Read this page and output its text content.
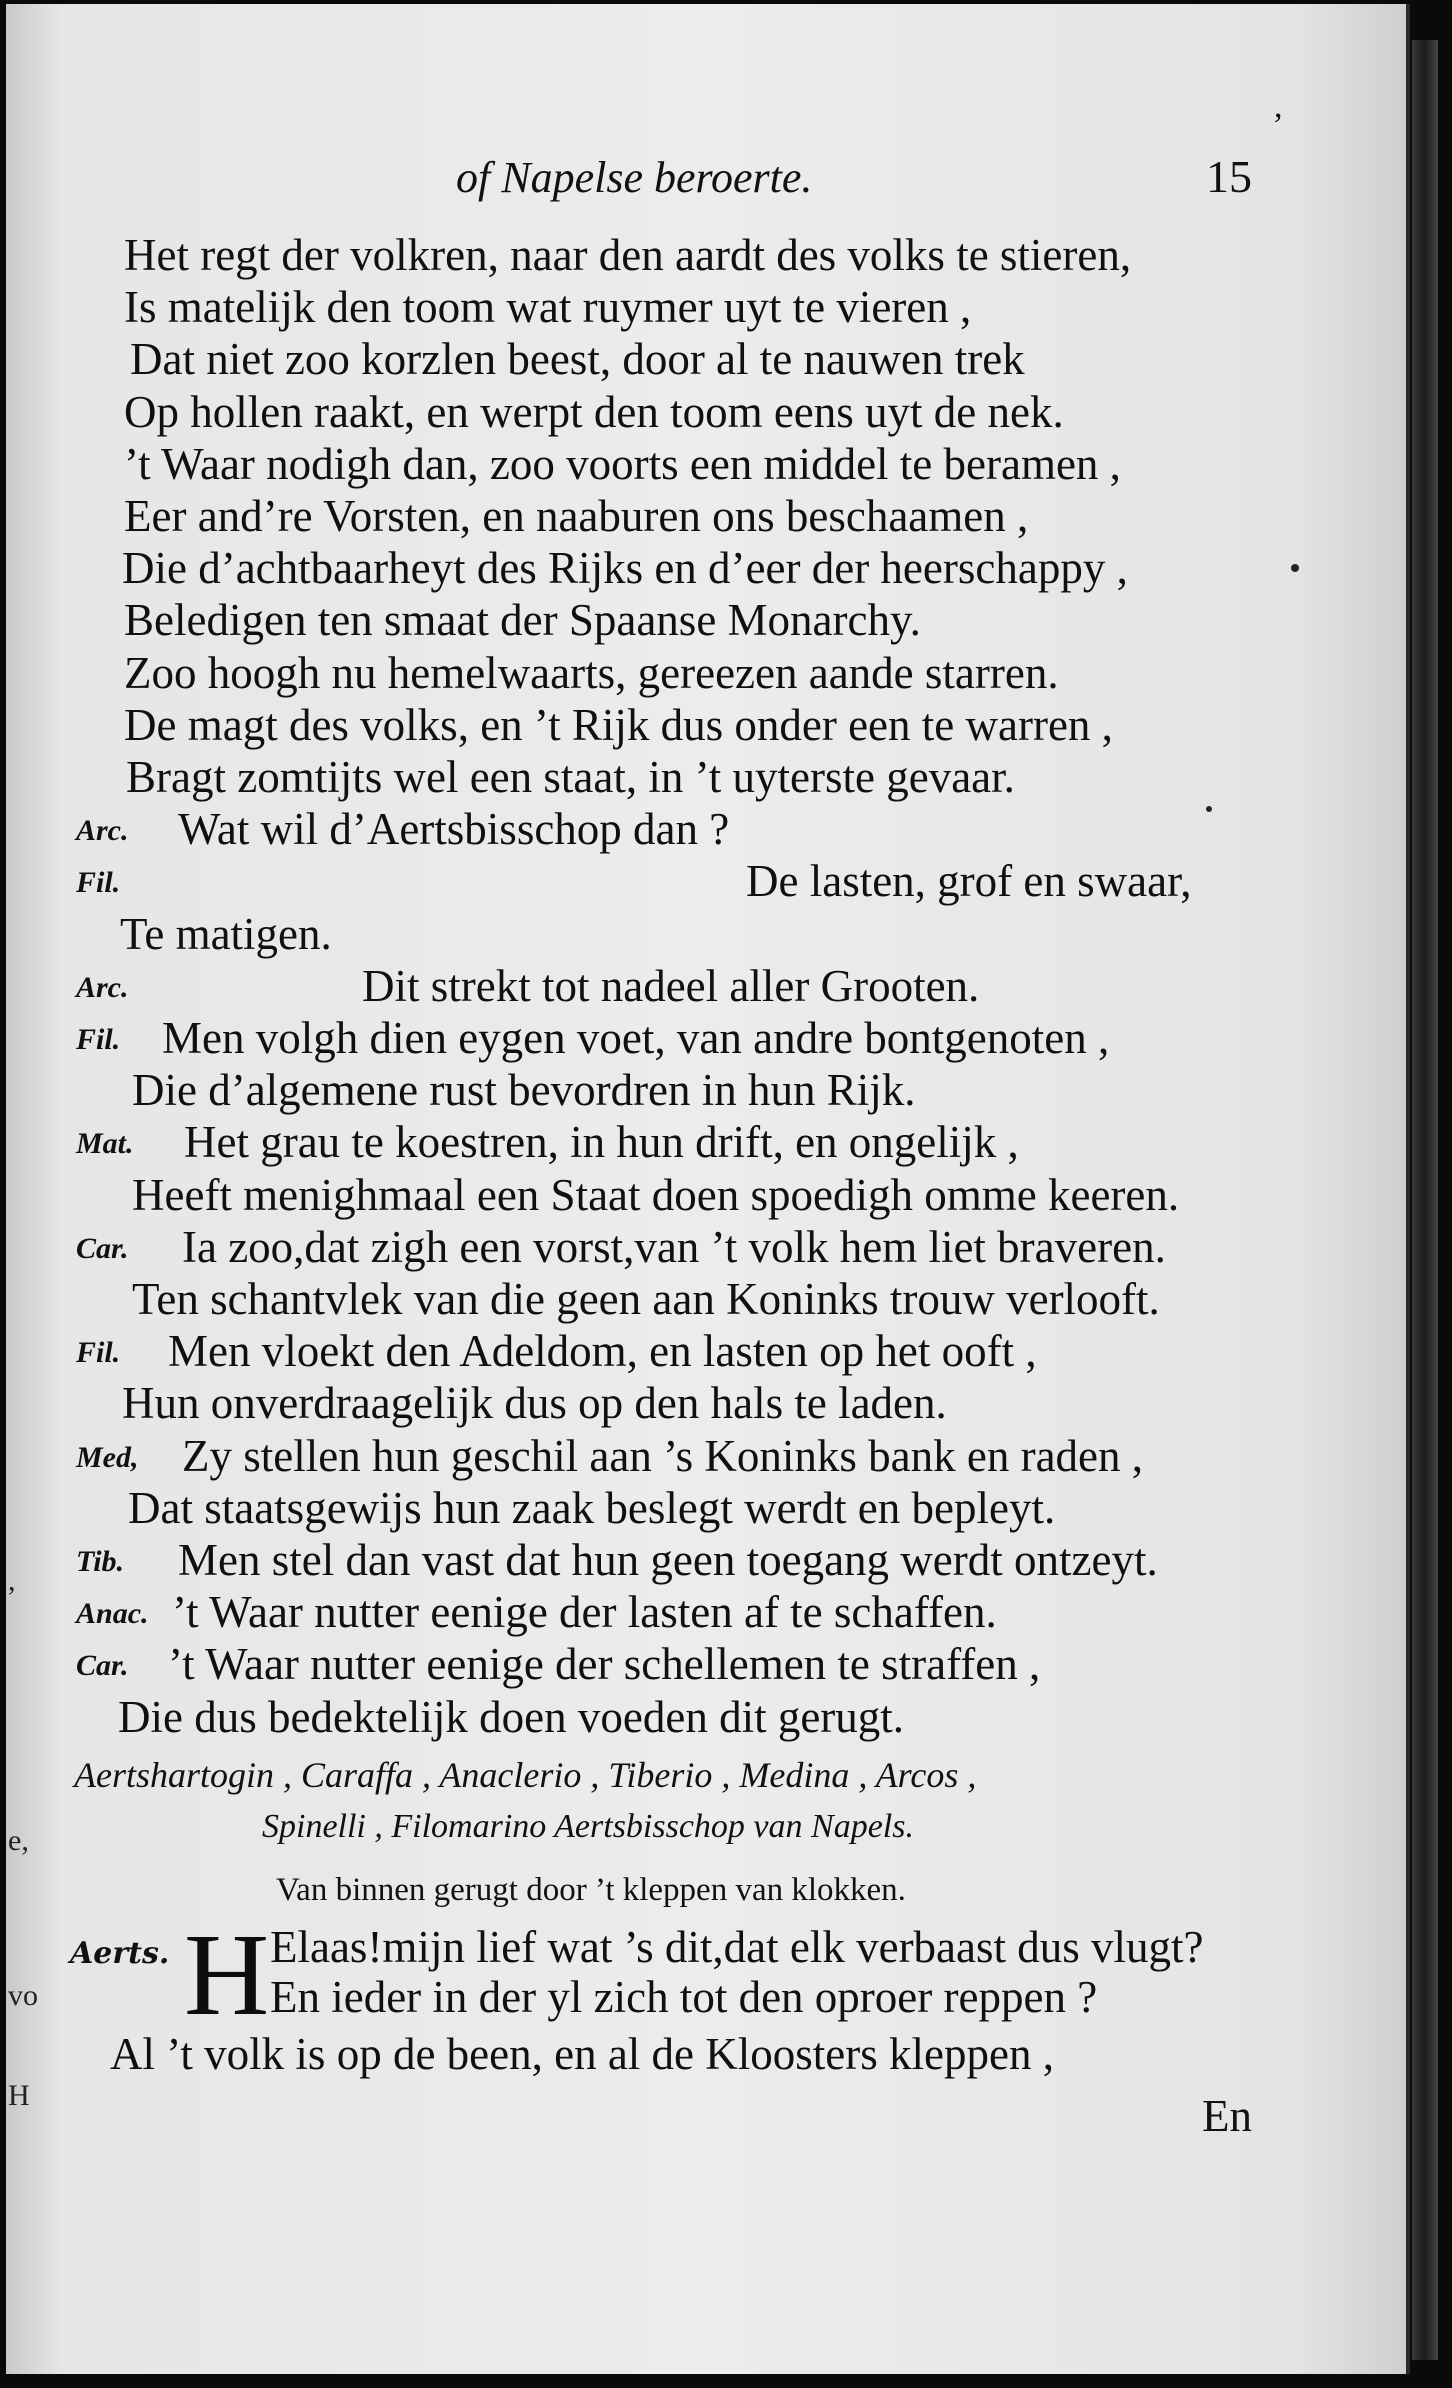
,
e,
vo
H
,
of Napelse beroerte.	15
Het regt der volkren, naar den aardt des volks te stieren,
Is matelijk den toom wat ruymer uyt te vieren ,
Dat niet zoo korzlen beest, door al te nauwen trek
Op hollen raakt, en werpt den toom eens uyt de nek.
’t Waar nodigh dan, zoo voorts een middel te beramen ,
Eer and’re Vorsten, en naaburen ons beschaamen ,
Die d’achtbaarheyt des Rijks en d’eer der heerschappy ,
Beledigen ten smaat der Spaanse Monarchy.
Zoo hoogh nu hemelwaarts, gereezen aande starren.
De magt des volks, en ’t Rijk dus onder een te warren ,
Bragt zomtijts wel een staat, in ’t uyterste gevaar.
Arc. Wat wil d’Aertsbisschop dan ?
Fil.	De lasten, grof en swaar,
Te matigen.
Arc.	Dit strekt tot nadeel aller Grooten.
Fil. Men volgh dien eygen voet, van andre bontgenoten ,
Die d’algemene rust bevordren in hun Rijk.
Mat. Het grau te koestren, in hun drift, en ongelijk ,
Heeft menighmaal een Staat doen spoedigh omme keeren.
Car. Ia zoo,dat zigh een vorst,van ’t volk hem liet braveren.
Ten schantvlek van die geen aan Koninks trouw verlooft.
Fil. Men vloekt den Adeldom, en lasten op het ooft ,
Hun onverdraagelijk dus op den hals te laden.
Med, Zy stellen hun geschil aan ’s Koninks bank en raden ,
Dat staatsgewijs hun zaak beslegt werdt en bepleyt.
Tib. Men stel dan vast dat hun geen toegang werdt ontzeyt.
Anac. ’t Waar nutter eenige der lasten af te schaffen.
Car. ’t Waar nutter eenige der schellemen te straffen ,
Die dus bedektelijk doen voeden dit gerugt.
Aertshartogin , Caraffa , Anaclerio , Tiberio , Medina , Arcos ,
Spinelli , Filomarino Aertsbisschop van Napels.
Van binnen gerugt door ’t kleppen van klokken.
Aerts. H Elaas!mijn lief wat ’s dit,dat elk verbaast dus vlugt?
En ieder in der yl zich tot den oproer reppen ?
Al ’t volk is op de been, en al de Kloosters kleppen ,
En
